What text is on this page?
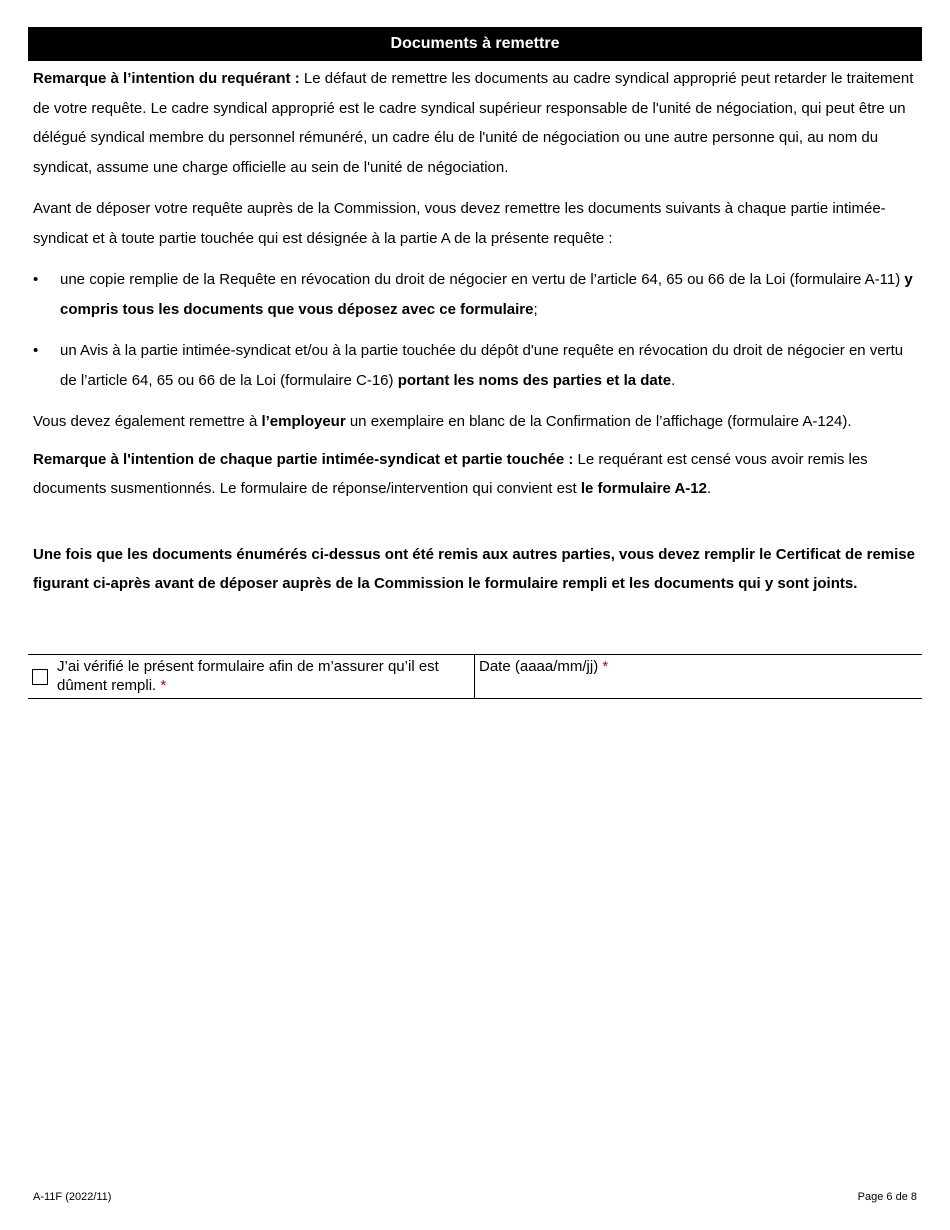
Documents à remettre

Remarque à l’intention du requérant : Le défaut de remettre les documents au cadre syndical approprié peut retarder le traitement de votre requête. Le cadre syndical approprié est le cadre syndical supérieur responsable de l'unité de négociation, qui peut être un délégué syndical membre du personnel rémunéré, un cadre élu de l'unité de négociation ou une autre personne qui, au nom du syndicat, assume une charge officielle au sein de l'unité de négociation.

Avant de déposer votre requête auprès de la Commission, vous devez remettre les documents suivants à chaque partie intimée-syndicat et à toute partie touchée qui est désignée à la partie A de la présente requête :

• une copie remplie de la Requête en révocation du droit de négocier en vertu de l’article 64, 65 ou 66 de la Loi (formulaire A-11) y compris tous les documents que vous déposez avec ce formulaire;
• un Avis à la partie intimée-syndicat et/ou à la partie touchée du dépôt d'une requête en révocation du droit de négocier en vertu de l’article 64, 65 ou 66 de la Loi (formulaire C-16) portant les noms des parties et la date.

Vous devez également remettre à l’employeur un exemplaire en blanc de la Confirmation de l’affichage (formulaire A-124).

Remarque à l'intention de chaque partie intimée-syndicat et partie touchée : Le requérant est censé vous avoir remis les documents susmentionnés. Le formulaire de réponse/intervention qui convient est le formulaire A-12.

Une fois que les documents énumérés ci-dessus ont été remis aux autres parties, vous devez remplir le Certificat de remise figurant ci-après avant de déposer auprès de la Commission le formulaire rempli et les documents qui y sont joints.

J’ai vérifié le présent formulaire afin de m’assurer qu’il est dûment rempli. *
Date (aaaa/mm/jj) *
A-11F (2022/11)	Page 6 de 8
